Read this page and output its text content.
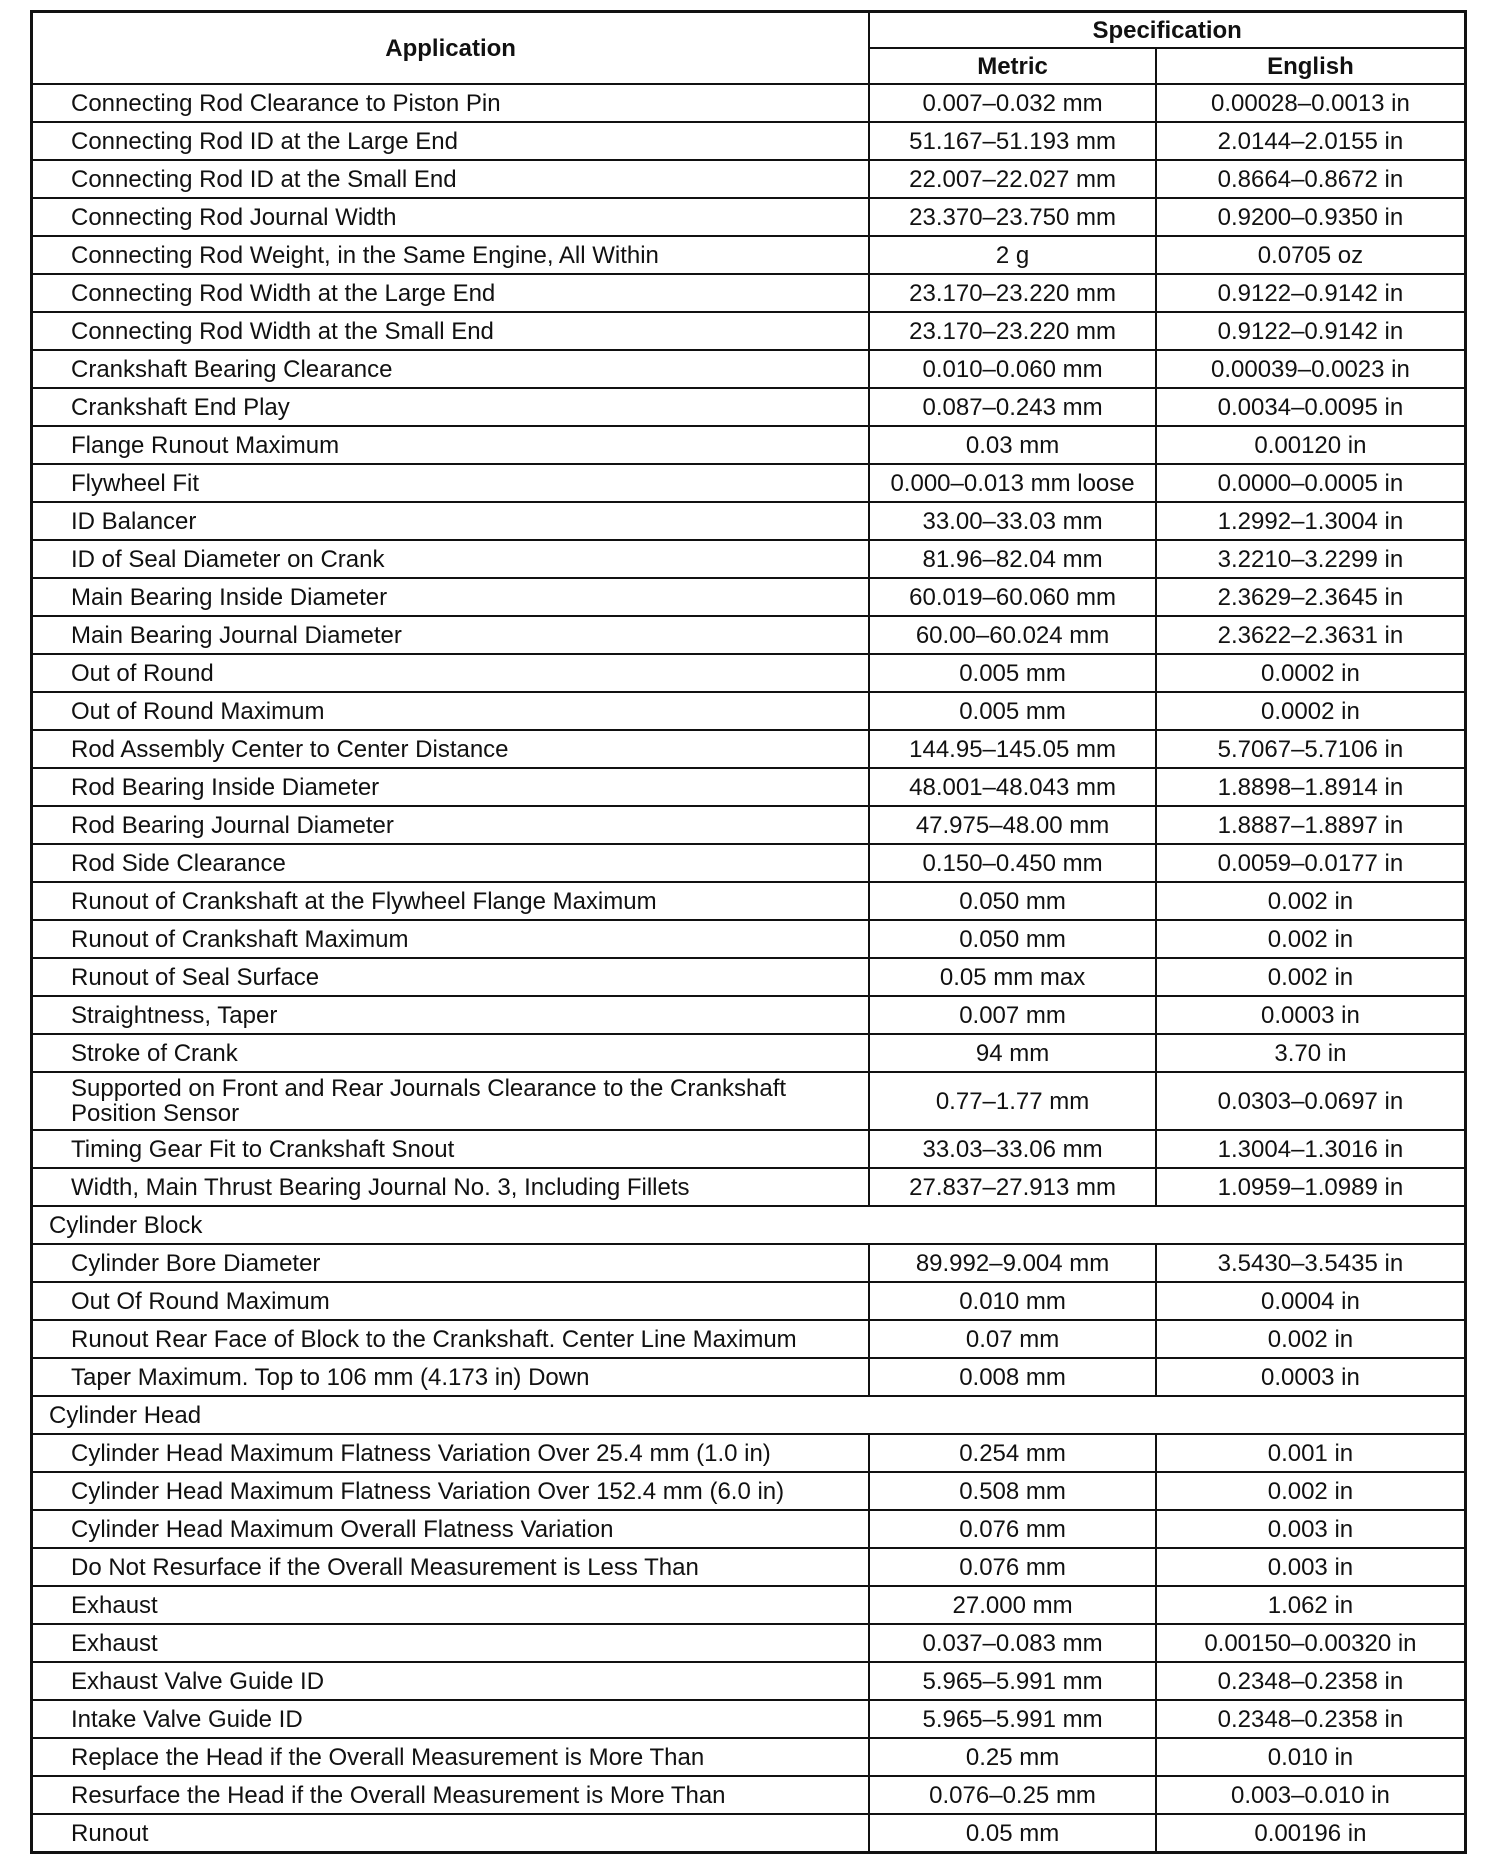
Application	Specification	
	Metric	English
Connecting Rod Clearance to Piston Pin	0.007–0.032 mm	0.00028–0.0013 in
Connecting Rod ID at the Large End	51.167–51.193 mm	2.0144–2.0155 in
Connecting Rod ID at the Small End	22.007–22.027 mm	0.8664–0.8672 in
Connecting Rod Journal Width	23.370–23.750 mm	0.9200–0.9350 in
Connecting Rod Weight, in the Same Engine, All Within	2 g	0.0705 oz
Connecting Rod Width at the Large End	23.170–23.220 mm	0.9122–0.9142 in
Connecting Rod Width at the Small End	23.170–23.220 mm	0.9122–0.9142 in
Crankshaft Bearing Clearance	0.010–0.060 mm	0.00039–0.0023 in
Crankshaft End Play	0.087–0.243 mm	0.0034–0.0095 in
Flange Runout Maximum	0.03 mm	0.00120 in
Flywheel Fit	0.000–0.013 mm loose	0.0000–0.0005 in
ID Balancer	33.00–33.03 mm	1.2992–1.3004 in
ID of Seal Diameter on Crank	81.96–82.04 mm	3.2210–3.2299 in
Main Bearing Inside Diameter	60.019–60.060 mm	2.3629–2.3645 in
Main Bearing Journal Diameter	60.00–60.024 mm	2.3622–2.3631 in
Out of Round	0.005 mm	0.0002 in
Out of Round Maximum	0.005 mm	0.0002 in
Rod Assembly Center to Center Distance	144.95–145.05 mm	5.7067–5.7106 in
Rod Bearing Inside Diameter	48.001–48.043 mm	1.8898–1.8914 in
Rod Bearing Journal Diameter	47.975–48.00 mm	1.8887–1.8897 in
Rod Side Clearance	0.150–0.450 mm	0.0059–0.0177 in
Runout of Crankshaft at the Flywheel Flange Maximum	0.050 mm	0.002 in
Runout of Crankshaft Maximum	0.050 mm	0.002 in
Runout of Seal Surface	0.05 mm max	0.002 in
Straightness, Taper	0.007 mm	0.0003 in
Stroke of Crank	94 mm	3.70 in
Supported on Front and Rear Journals Clearance to the Crankshaft Position Sensor	0.77–1.77 mm	0.0303–0.0697 in
Timing Gear Fit to Crankshaft Snout	33.03–33.06 mm	1.3004–1.3016 in
Width, Main Thrust Bearing Journal No. 3, Including Fillets	27.837–27.913 mm	1.0959–1.0989 in
Cylinder Block		
Cylinder Bore Diameter	89.992–9.004 mm	3.5430–3.5435 in
Out Of Round Maximum	0.010 mm	0.0004 in
Runout Rear Face of Block to the Crankshaft. Center Line Maximum	0.07 mm	0.002 in
Taper Maximum. Top to 106 mm (4.173 in) Down	0.008 mm	0.0003 in
Cylinder Head		
Cylinder Head Maximum Flatness Variation Over 25.4 mm (1.0 in)	0.254 mm	0.001 in
Cylinder Head Maximum Flatness Variation Over 152.4 mm (6.0 in)	0.508 mm	0.002 in
Cylinder Head Maximum Overall Flatness Variation	0.076 mm	0.003 in
Do Not Resurface if the Overall Measurement is Less Than	0.076 mm	0.003 in
Exhaust	27.000 mm	1.062 in
Exhaust	0.037–0.083 mm	0.00150–0.00320 in
Exhaust Valve Guide ID	5.965–5.991 mm	0.2348–0.2358 in
Intake Valve Guide ID	5.965–5.991 mm	0.2348–0.2358 in
Replace the Head if the Overall Measurement is More Than	0.25 mm	0.010 in
Resurface the Head if the Overall Measurement is More Than	0.076–0.25 mm	0.003–0.010 in
Runout	0.05 mm	0.00196 in
